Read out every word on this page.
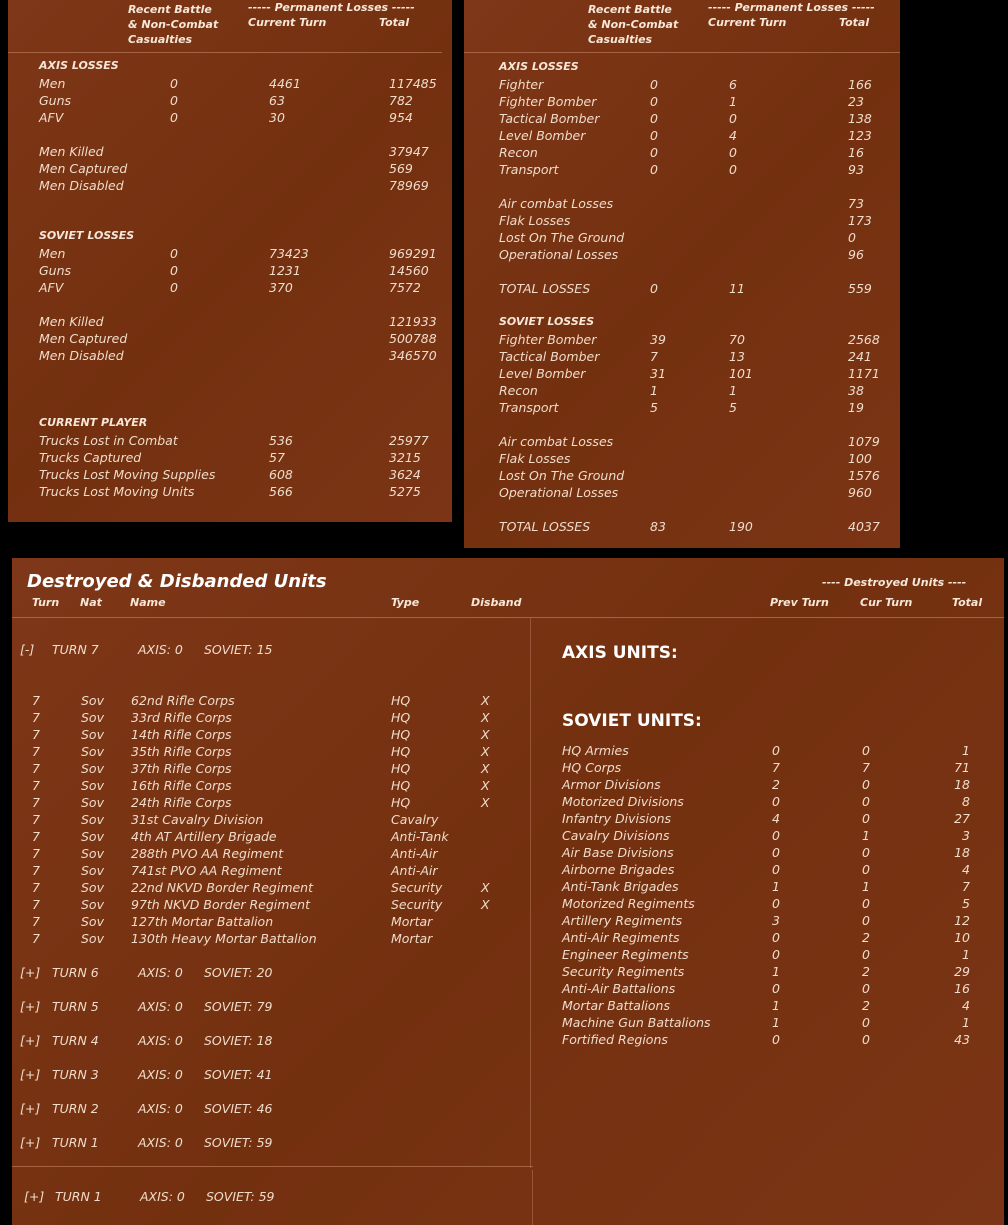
Recent Battle
& Non-Combat
Casualties
----- Permanent Losses -----
Current Turn	Total
AXIS LOSSES
SOVIET LOSSES
CURRENT PLAYER
Men	0	4461	117485
Guns	0	63	782
AFV	0	30	954
Men Killed	37947
Men Captured	569
Men Disabled	78969
Men	0	73423	969291
Guns	0	1231	14560
AFV	0	370	7572
Men Killed	121933
Men Captured	500788
Men Disabled	346570
Trucks Lost in Combat	536	25977
Trucks Captured	57	3215
Trucks Lost Moving Supplies	608	3624
Trucks Lost Moving Units	566	5275
Recent Battle
& Non-Combat
Casualties
----- Permanent Losses -----
Current Turn	Total
AXIS LOSSES
SOVIET LOSSES
Fighter	0	6	166
Fighter Bomber	0	1	23
Tactical Bomber	0	0	138
Level Bomber	0	4	123
Recon	0	0	16
Transport	0	0	93
Air combat Losses	73
Flak Losses	173
Lost On The Ground	0
Operational Losses	96
TOTAL LOSSES	0	11	559
Fighter Bomber	39	70	2568
Tactical Bomber	7	13	241
Level Bomber	31	101	1171
Recon	1	1	38
Transport	5	5	19
Air combat Losses	1079
Flak Losses	100
Lost On The Ground	1576
Operational Losses	960
TOTAL LOSSES	83	190	4037
Destroyed & Disbanded Units	---- Destroyed Units ----
Turn Nat	Name	Type	Disband	Prev Turn	Cur Turn	Total
[-] TURN 7	AXIS: 0 SOVIET: 15	AXIS UNITS:
SOVIET UNITS:
[+] TURN 1	AXIS: 0 SOVIET: 59
7	Sov 62nd Rifle Corps	HQ	X
7	Sov 33rd Rifle Corps	HQ	X
7	Sov 14th Rifle Corps	HQ	X
7	Sov 35th Rifle Corps	HQ	X
7	Sov 37th Rifle Corps	HQ	X
7	Sov 16th Rifle Corps	HQ	X
7	Sov 24th Rifle Corps	HQ	X
7	Sov 31st Cavalry Division	Cavalry
7	Sov 4th AT Artillery Brigade	Anti-Tank
7	Sov 288th PVO AA Regiment	Anti-Air
7	Sov 741st PVO AA Regiment	Anti-Air
7	Sov 22nd NKVD Border Regiment	Security	X
7	Sov 97th NKVD Border Regiment	Security	X
7	Sov 127th Mortar Battalion	Mortar
7	Sov 130th Heavy Mortar Battalion	Mortar
[+] TURN 6	AXIS: 0 SOVIET: 20
[+] TURN 5	AXIS: 0 SOVIET: 79
[+] TURN 4	AXIS: 0 SOVIET: 18
[+] TURN 3	AXIS: 0 SOVIET: 41
[+] TURN 2	AXIS: 0 SOVIET: 46
[+] TURN 1	AXIS: 0 SOVIET: 59
HQ Armies	0	0	1
HQ Corps	7	7	71
Armor Divisions	2	0	18
Motorized Divisions	0	0	8
Infantry Divisions	4	0	27
Cavalry Divisions	0	1	3
Air Base Divisions	0	0	18
Airborne Brigades	0	0	4
Anti-Tank Brigades	1	1	7
Motorized Regiments	0	0	5
Artillery Regiments	3	0	12
Anti-Air Regiments	0	2	10
Engineer Regiments	0	0	1
Security Regiments	1	2	29
Anti-Air Battalions	0	0	16
Mortar Battalions	1	2	4
Machine Gun Battalions	1	0	1
Fortified Regions	0	0	43
